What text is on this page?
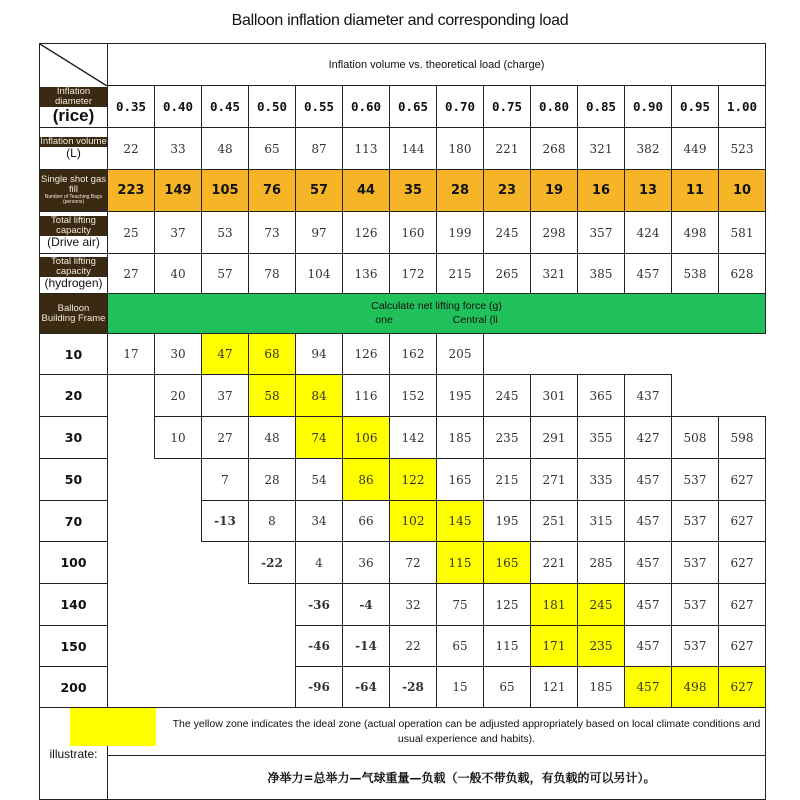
Balloon inflation diameter and corresponding load
	Inflation volume vs. theoretical load (charge)													

Inflation diameter
(rice)	0.35	0.40	0.45	0.50	0.55	0.60	0.65	0.70	0.75	0.80	0.85	0.90	0.95	1.00

Inflation volume
(L)	22	33	48	65	87	113	144	180	221	268	321	382	449	523

Single shot gas fill
Number of Teaching Bags (persons)	223	149	105	76	57	44	35	28	23	19	16	13	11	10

Total lifting capacity
(Drive air)	25	37	53	73	97	126	160	199	245	298	357	424	498	581

Total lifting capacity
(hydrogen)	27	40	57	78	104	136	172	215	265	321	385	457	538	628

Balloon Building Frame	Calculate net lifting force (g)
one Central (li													

10	17	30	47	68	94	126	162	205						
20		20	37	58	84	116	152	195	245	301	365	437		
30		10	27	48	74	106	142	185	235	291	355	427	508	598
50			7	28	54	86	122	165	215	271	335	457	537	627
70			-13	8	34	66	102	145	195	251	315	457	537	627
100				-22	4	36	72	115	165	221	285	457	537	627
140					-36	-4	32	75	125	181	245	457	537	627
150					-46	-14	22	65	115	171	235	457	537	627
200					-96	-64	-28	15	65	121	185	457	498	627
illustrate:	The yellow zone indicates the ideal zone (actual operation can be adjusted appropriately based on local climate conditions and usual experience and habits).													

	净举力=总举力—气球重量—负载（一般不带负载，有负载的可以另计）。													
